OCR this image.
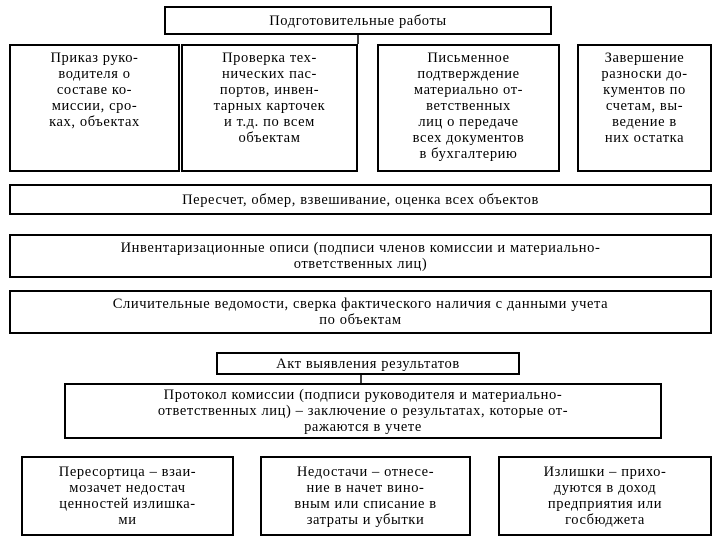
Подготовительные работы
Приказ руко-
водителя о
составе ко-
миссии, сро-
ках, объектах
Проверка тех-
нических пас-
портов, инвен-
тарных карточек
и т.д. по всем
объектам
Письменное
подтверждение
материально от-
ветственных
лиц о передаче
всех документов
в бухгалтерию
Завершение
разноски до-
кументов по
счетам, вы-
ведение в
них остатка
Пересчет, обмер, взвешивание, оценка всех объектов
Инвентаризационные описи (подписи членов комиссии и материально-
ответственных лиц)
Сличительные ведомости, сверка фактического наличия с данными учета
по объектам
Акт выявления результатов
Протокол комиссии (подписи руководителя и материально-
ответственных лиц) – заключение о результатах, которые от-
ражаются в учете
Пересортица – взаи-
мозачет недостач
ценностей излишка-
ми
Недостачи – отнесе-
ние в начет вино-
вным или списание в
затраты и убытки
Излишки – прихо-
дуются в доход
предприятия или
госбюджета
